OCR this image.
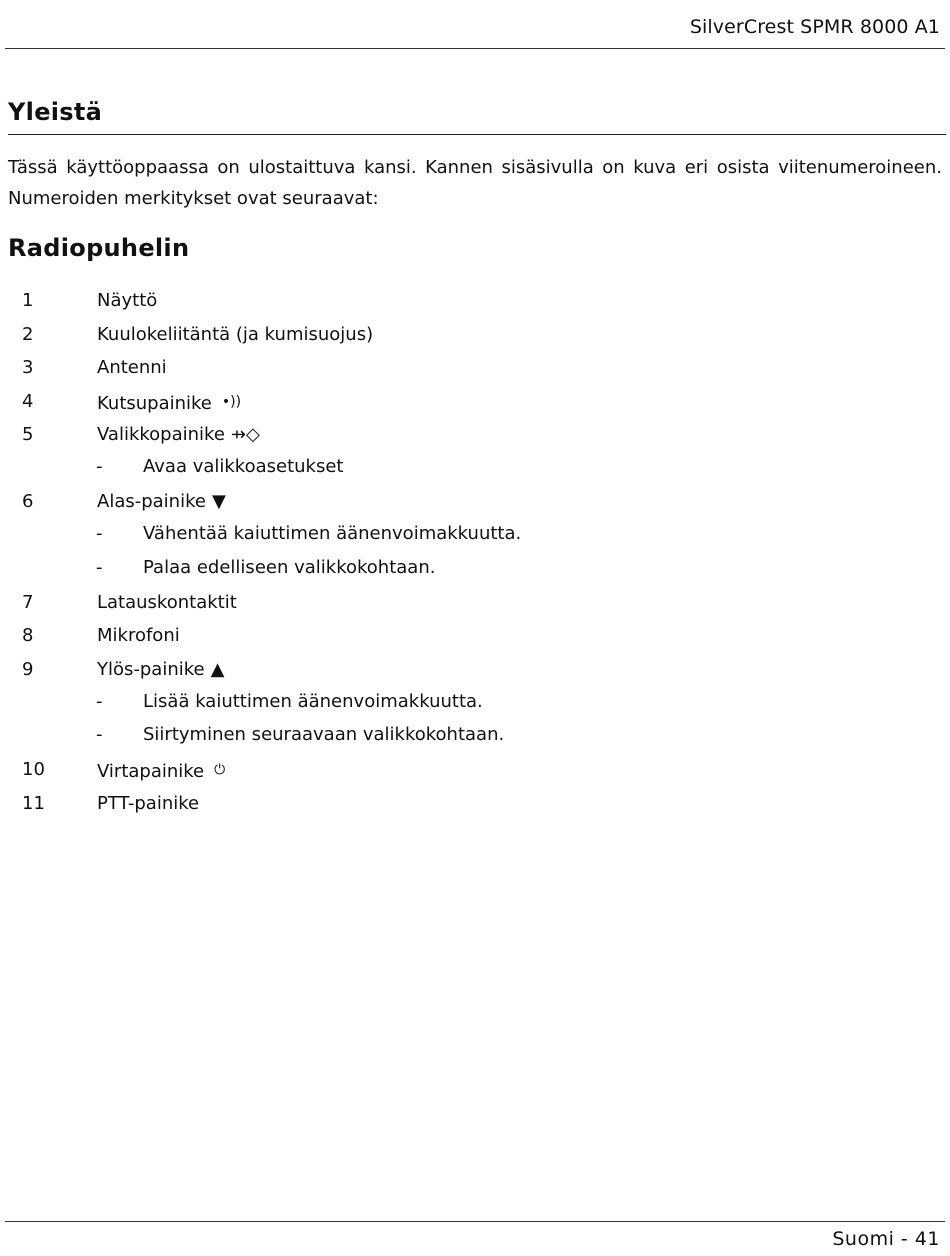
SilverCrest SPMR 8000 A1
Yleistä
Tässä käyttöoppaassa on ulostaittuva kansi. Kannen sisäsivulla on kuva eri osista viitenumeroineen. Numeroiden merkitykset ovat seuraavat:
Radiopuhelin
1	Näyttö
2	Kuulokeliitäntä (ja kumisuojus)
3	Antenni
4	Kutsupainike •))
5	Valikkopainike ⇸◇
- Avaa valikkoasetukset
6	Alas-painike ▼
- Vähentää kaiuttimen äänenvoimakkuutta.
- Palaa edelliseen valikkokohtaan.
7	Latauskontaktit
8	Mikrofoni
9	Ylös-painike ▲
- Lisää kaiuttimen äänenvoimakkuutta.
- Siirtyminen seuraavaan valikkokohtaan.
10	Virtapainike ⏻
11	PTT-painike
Suomi - 41
